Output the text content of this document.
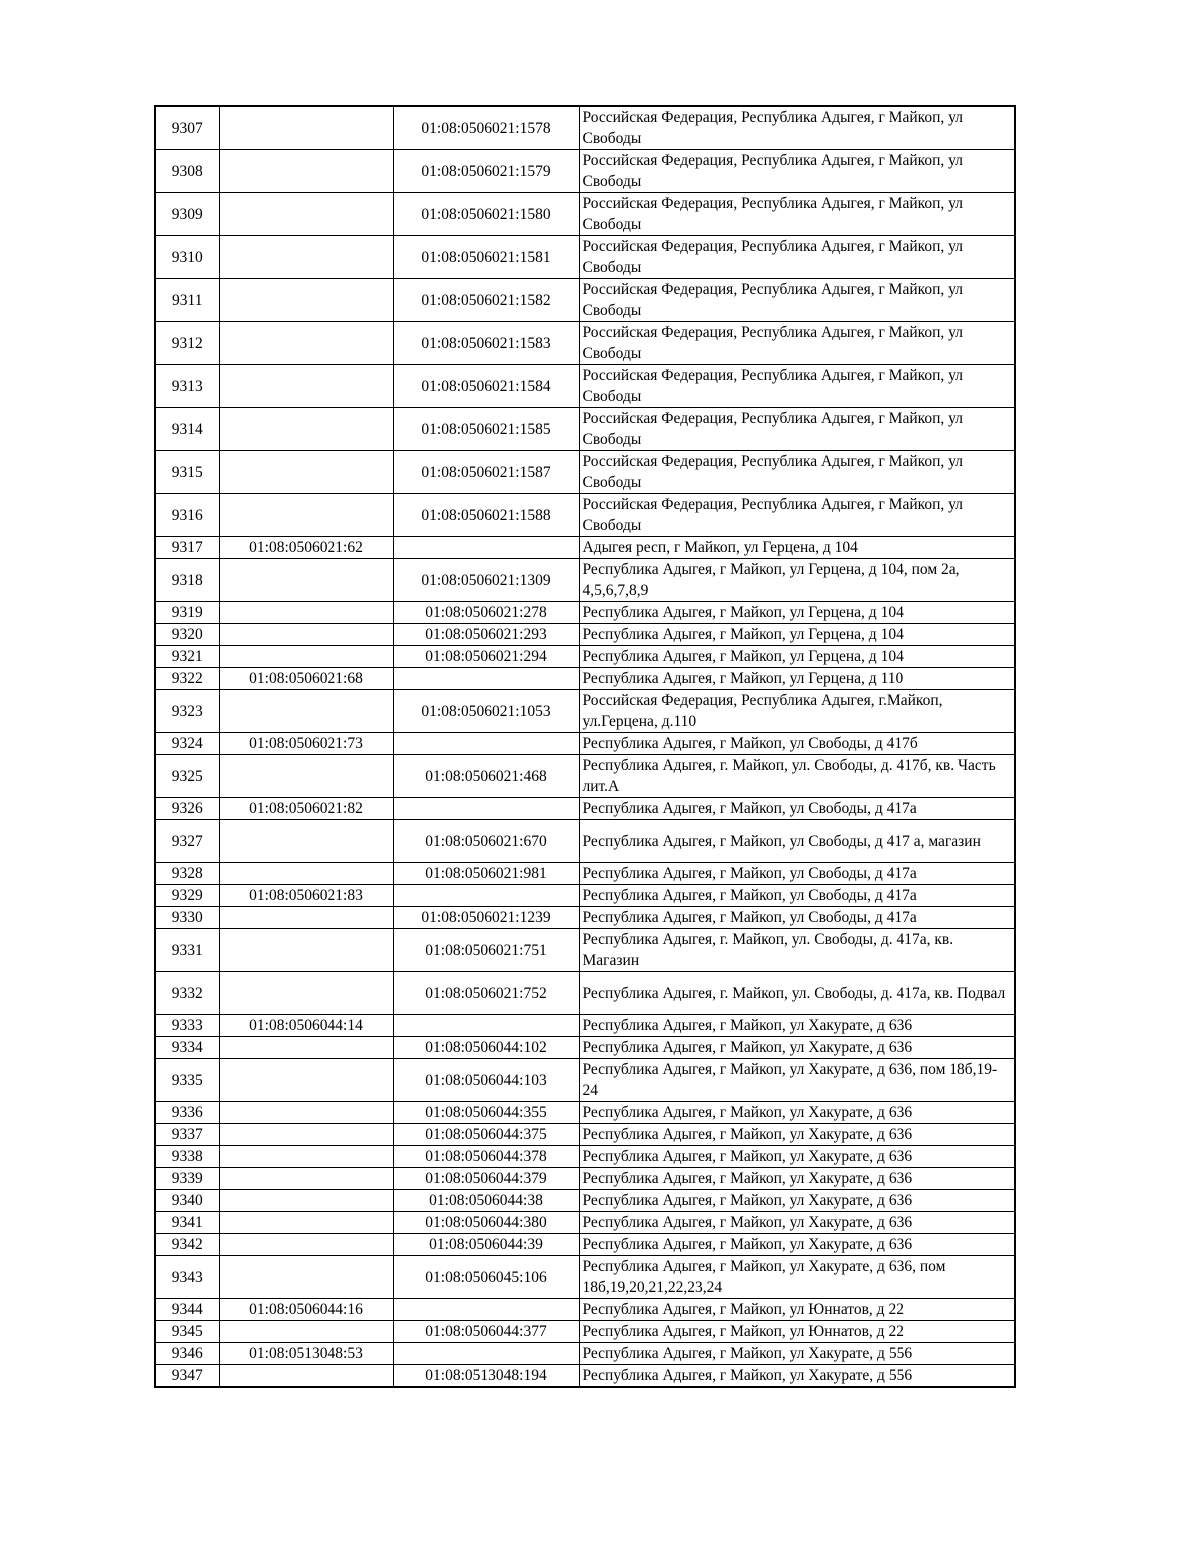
9307		01:08:0506021:1578	Российская Федерация, Республика Адыгея, г Майкоп, ул Свободы
9308		01:08:0506021:1579	Российская Федерация, Республика Адыгея, г Майкоп, ул Свободы
9309		01:08:0506021:1580	Российская Федерация, Республика Адыгея, г Майкоп, ул Свободы
9310		01:08:0506021:1581	Российская Федерация, Республика Адыгея, г Майкоп, ул Свободы
9311		01:08:0506021:1582	Российская Федерация, Республика Адыгея, г Майкоп, ул Свободы
9312		01:08:0506021:1583	Российская Федерация, Республика Адыгея, г Майкоп, ул Свободы
9313		01:08:0506021:1584	Российская Федерация, Республика Адыгея, г Майкоп, ул Свободы
9314		01:08:0506021:1585	Российская Федерация, Республика Адыгея, г Майкоп, ул Свободы
9315		01:08:0506021:1587	Российская Федерация, Республика Адыгея, г Майкоп, ул Свободы
9316		01:08:0506021:1588	Российская Федерация, Республика Адыгея, г Майкоп, ул Свободы
9317	01:08:0506021:62		Адыгея респ, г Майкоп, ул Герцена, д 104
9318		01:08:0506021:1309	Республика Адыгея, г Майкоп, ул Герцена, д 104, пом 2а, 4,5,6,7,8,9
9319		01:08:0506021:278	Республика Адыгея, г Майкоп, ул Герцена, д 104
9320		01:08:0506021:293	Республика Адыгея, г Майкоп, ул Герцена, д 104
9321		01:08:0506021:294	Республика Адыгея, г Майкоп, ул Герцена, д 104
9322	01:08:0506021:68		Республика Адыгея, г Майкоп, ул Герцена, д 110
9323		01:08:0506021:1053	Российская Федерация, Республика Адыгея, г.Майкоп, ул.Герцена, д.110
9324	01:08:0506021:73		Республика Адыгея, г Майкоп, ул Свободы, д 417б
9325		01:08:0506021:468	Республика Адыгея, г. Майкоп, ул. Свободы, д. 417б, кв. Часть лит.А
9326	01:08:0506021:82		Республика Адыгея, г Майкоп, ул Свободы, д 417а
9327		01:08:0506021:670	Республика Адыгея, г Майкоп, ул Свободы, д 417 а, магазин
9328		01:08:0506021:981	Республика Адыгея, г Майкоп, ул Свободы, д 417а
9329	01:08:0506021:83		Республика Адыгея, г Майкоп, ул Свободы, д 417а
9330		01:08:0506021:1239	Республика Адыгея, г Майкоп, ул Свободы, д 417а
9331		01:08:0506021:751	Республика Адыгея, г. Майкоп, ул. Свободы, д. 417а, кв. Магазин
9332		01:08:0506021:752	Республика Адыгея, г. Майкоп, ул. Свободы, д. 417а, кв. Подвал
9333	01:08:0506044:14		Республика Адыгея, г Майкоп, ул Хакурате, д 636
9334		01:08:0506044:102	Республика Адыгея, г Майкоп, ул Хакурате, д 636
9335		01:08:0506044:103	Республика Адыгея, г Майкоп, ул Хакурате, д 636, пом 18б,19-24
9336		01:08:0506044:355	Республика Адыгея, г Майкоп, ул Хакурате, д 636
9337		01:08:0506044:375	Республика Адыгея, г Майкоп, ул Хакурате, д 636
9338		01:08:0506044:378	Республика Адыгея, г Майкоп, ул Хакурате, д 636
9339		01:08:0506044:379	Республика Адыгея, г Майкоп, ул Хакурате, д 636
9340		01:08:0506044:38	Республика Адыгея, г Майкоп, ул Хакурате, д 636
9341		01:08:0506044:380	Республика Адыгея, г Майкоп, ул Хакурате, д 636
9342		01:08:0506044:39	Республика Адыгея, г Майкоп, ул Хакурате, д 636
9343		01:08:0506045:106	Республика Адыгея, г Майкоп, ул Хакурате, д 636, пом 18б,19,20,21,22,23,24
9344	01:08:0506044:16		Республика Адыгея, г Майкоп, ул Юннатов, д 22
9345		01:08:0506044:377	Республика Адыгея, г Майкоп, ул Юннатов, д 22
9346	01:08:0513048:53		Республика Адыгея, г Майкоп, ул Хакурате, д 556
9347		01:08:0513048:194	Республика Адыгея, г Майкоп, ул Хакурате, д 556
